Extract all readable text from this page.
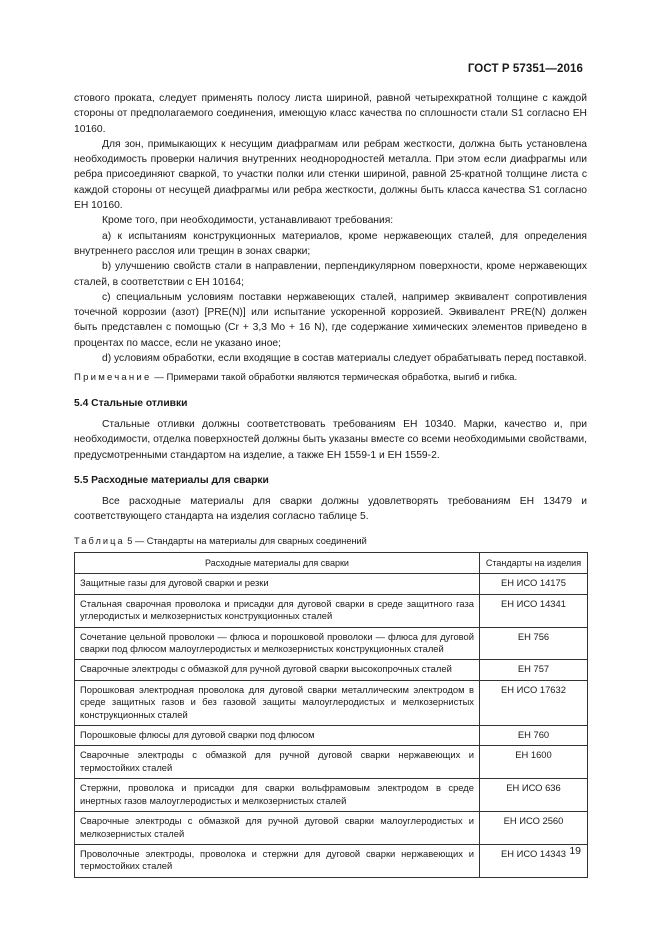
ГОСТ Р 57351—2016

стового проката, следует применять полосу листа шириной, равной четырехкратной толщине с каждой стороны от предполагаемого соединения, имеющую класс качества по сплошности стали S1 согласно ЕН 10160.

Для зон, примыкающих к несущим диафрагмам или ребрам жесткости, должна быть установлена необходимость проверки наличия внутренних неоднородностей металла. При этом если диафрагмы или ребра присоединяют сваркой, то участки полки или стенки шириной, равной 25-кратной толщине листа с каждой стороны от несущей диафрагмы или ребра жесткости, должны быть класса качества S1 согласно ЕН 10160.

Кроме того, при необходимости, устанавливают требования:

а) к испытаниям конструкционных материалов, кроме нержавеющих сталей, для определения внутреннего расслоя или трещин в зонах сварки;

b) улучшению свойств стали в направлении, перпендикулярном поверхности, кроме нержавеющих сталей, в соответствии с ЕН 10164;

с) специальным условиям поставки нержавеющих сталей, например эквивалент сопротивления точечной коррозии (азот) [PRE(N)] или испытание ускоренной коррозией. Эквивалент PRE(N) должен быть представлен с помощью (Cr + 3,3 Mo + 16 N), где содержание химических элементов приведено в процентах по массе, если не указано иное;

d) условиям обработки, если входящие в состав материалы следует обрабатывать перед поставкой.

Примечание — Примерами такой обработки являются термическая обработка, выгиб и гибка.

5.4 Стальные отливки

Стальные отливки должны соответствовать требованиям ЕН 10340. Марки, качество и, при необходимости, отделка поверхностей должны быть указаны вместе со всеми необходимыми свойствами, предусмотренными стандартом на изделие, а также ЕН 1559-1 и ЕН 1559-2.

5.5 Расходные материалы для сварки

Все расходные материалы для сварки должны удовлетворять требованиям ЕН 13479 и соответствующего стандарта на изделия согласно таблице 5.

Таблица 5 — Стандарты на материалы для сварных соединений

Расходные материалы для сварки	Стандарты на изделия
Защитные газы для дуговой сварки и резки	ЕН ИСО 14175
Стальная сварочная проволока и присадки для дуговой сварки в среде защитного газа углеродистых и мелкозернистых конструкционных сталей	ЕН ИСО 14341
Сочетание цельной проволоки — флюса и порошковой проволоки — флюса для дуговой сварки под флюсом малоуглеродистых и мелкозернистых конструкционных сталей	ЕН 756
Сварочные электроды с обмазкой для ручной дуговой сварки высокопрочных сталей	ЕН 757
Порошковая электродная проволока для дуговой сварки металлическим электродом в среде защитных газов и без газовой защиты малоуглеродистых и мелкозернистых конструкционных сталей	ЕН ИСО 17632
Порошковые флюсы для дуговой сварки под флюсом	ЕН 760
Сварочные электроды с обмазкой для ручной дуговой сварки нержавеющих и термостойких сталей	ЕН 1600
Стержни, проволока и присадки для сварки вольфрамовым электродом в среде инертных газов малоуглеродистых и мелкозернистых сталей	ЕН ИСО 636
Сварочные электроды с обмазкой для ручной дуговой сварки малоуглеродистых и мелкозернистых сталей	ЕН ИСО 2560
Проволочные электроды, проволока и стержни для дуговой сварки нержавеющих и термостойких сталей	ЕН ИСО 14343 19
